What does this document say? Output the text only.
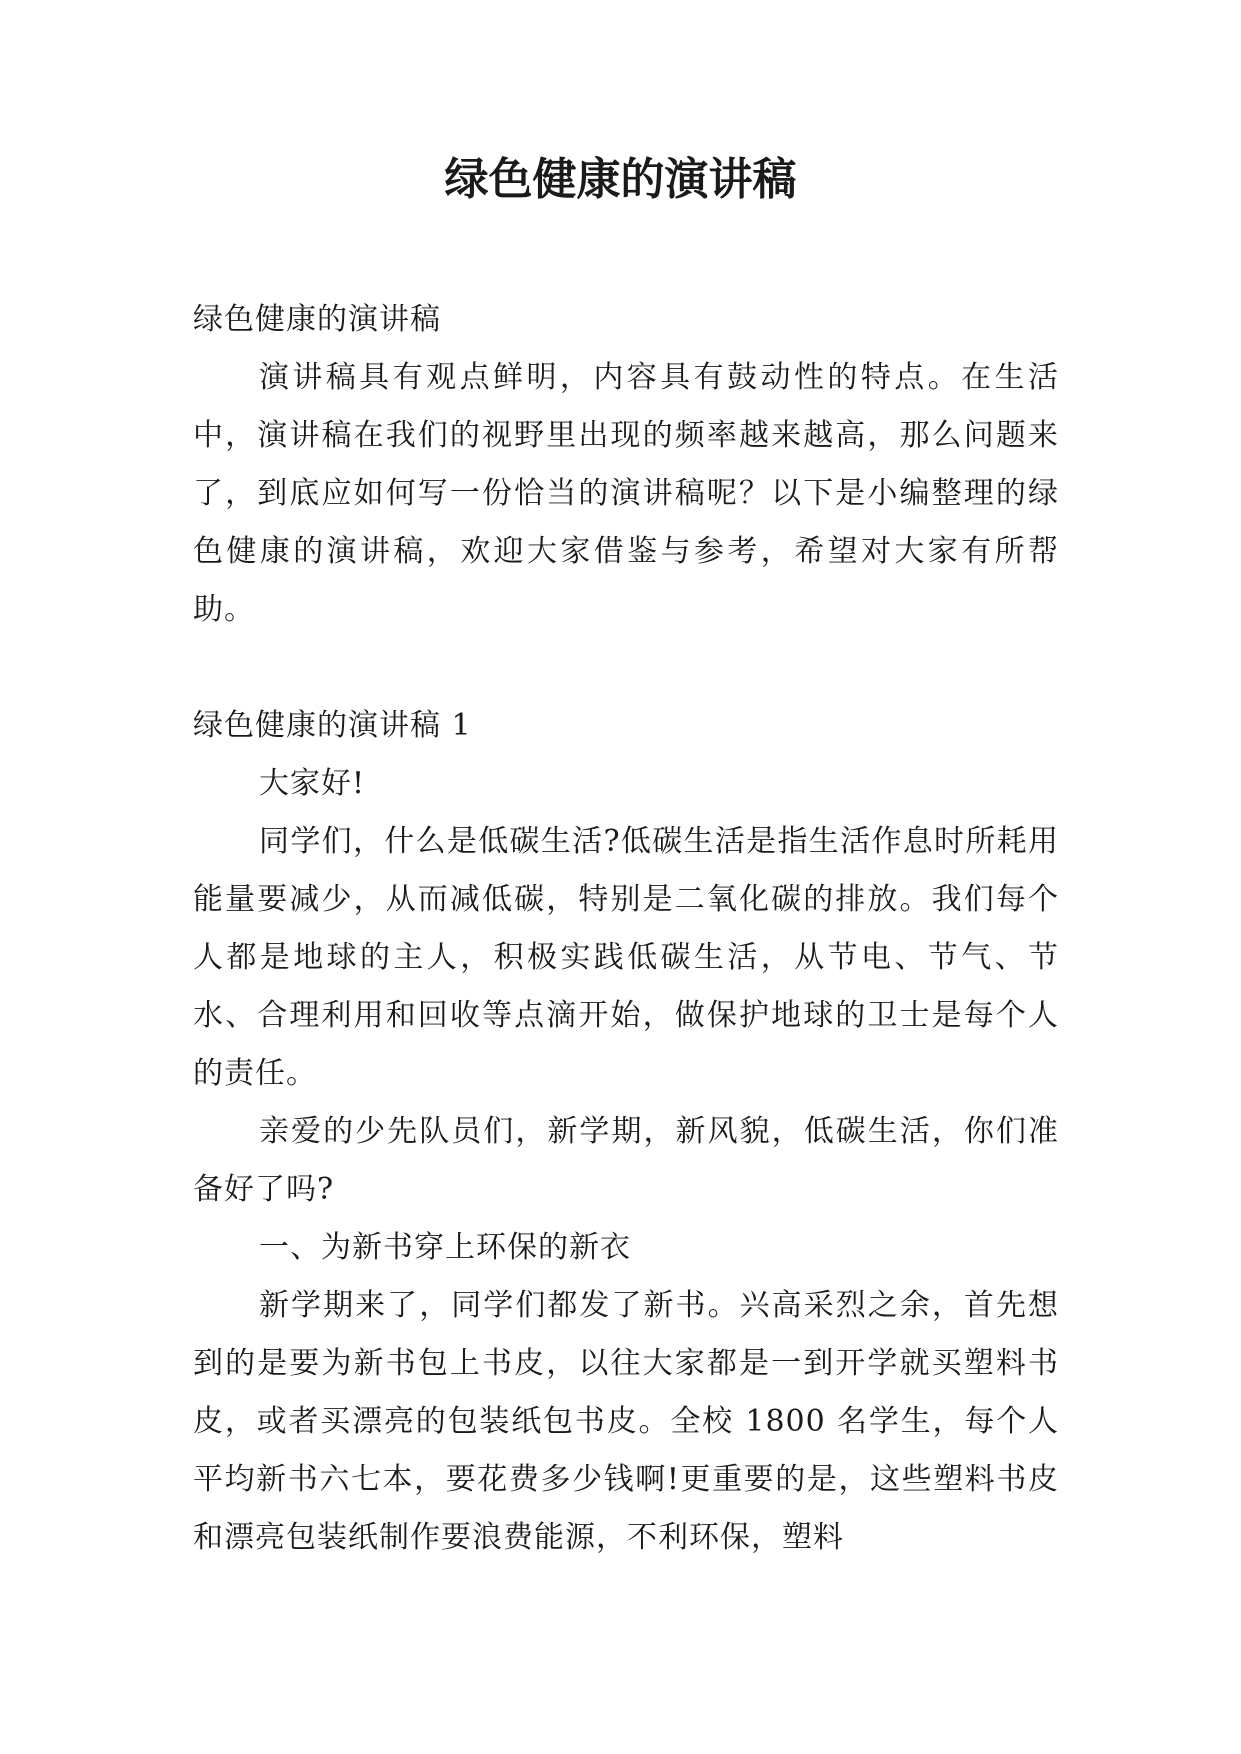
绿色健康的演讲稿

绿色健康的演讲稿

演讲稿具有观点鲜明，内容具有鼓动性的特点。在生活中，演讲稿在我们的视野里出现的频率越来越高，那么问题来了，到底应如何写一份恰当的演讲稿呢？以下是小编整理的绿色健康的演讲稿，欢迎大家借鉴与参考，希望对大家有所帮助。

绿色健康的演讲稿 1

大家好!

同学们，什么是低碳生活?低碳生活是指生活作息时所耗用能量要减少，从而减低碳，特别是二氧化碳的排放。我们每个人都是地球的主人，积极实践低碳生活，从节电、节气、节水、合理利用和回收等点滴开始，做保护地球的卫士是每个人的责任。

亲爱的少先队员们，新学期，新风貌，低碳生活，你们准备好了吗?

一、为新书穿上环保的新衣

新学期来了，同学们都发了新书。兴高采烈之余，首先想到的是要为新书包上书皮，以往大家都是一到开学就买塑料书皮，或者买漂亮的包装纸包书皮。全校 1800 名学生，每个人平均新书六七本，要花费多少钱啊!更重要的是，这些塑料书皮和漂亮包装纸制作要浪费能源，不利环保，塑料
